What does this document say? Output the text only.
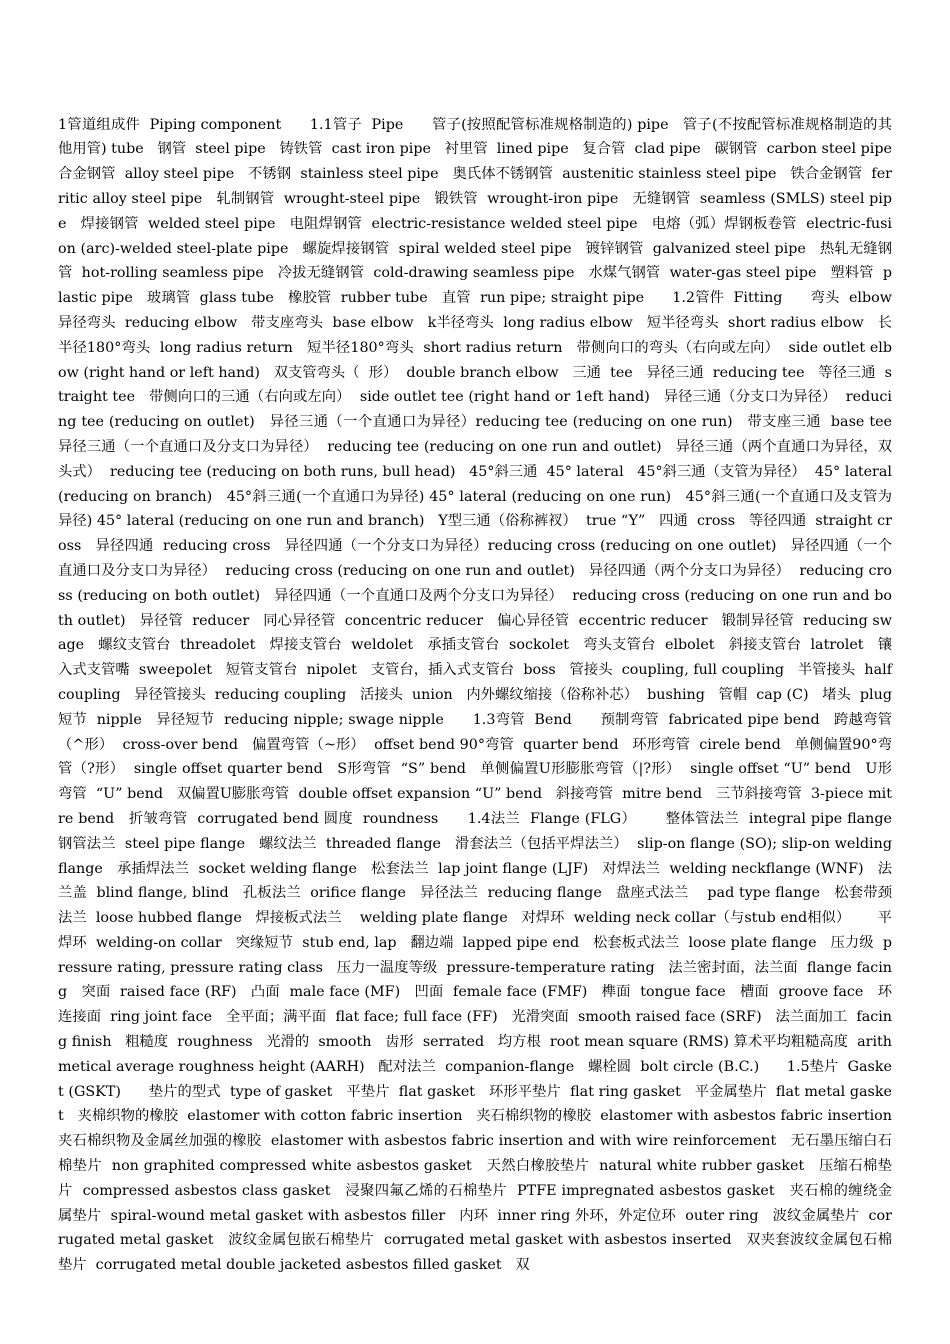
1管道组成件  Piping component      1.1管子  Pipe      管子(按照配管标准规格制造的) pipe   管子(不按配管标准规格制造的其他用管) tube   钢管  steel pipe   铸铁管  cast iron pipe   衬里管  lined pipe   复合管  clad pipe   碳钢管  carbon steel pipe   合金钢管  alloy steel pipe   不锈钢  stainless steel pipe   奥氏体不锈钢管  austenitic stainless steel pipe   铁合金钢管  ferritic alloy steel pipe   轧制钢管  wrought-steel pipe   锻铁管  wrought-iron pipe   无缝钢管  seamless (SMLS) steel pipe   焊接钢管  welded steel pipe   电阻焊钢管  electric-resistance welded steel pipe   电熔（弧）焊钢板卷管  electric-fusion (arc)-welded steel-plate pipe   螺旋焊接钢管  spiral welded steel pipe   镀锌钢管  galvanized steel pipe   热轧无缝钢管  hot-rolling seamless pipe   冷拔无缝钢管  cold-drawing seamless pipe   水煤气钢管  water-gas steel pipe   塑料管  plastic pipe   玻璃管  glass tube   橡胶管  rubber tube   直管  run pipe; straight pipe      1.2管件  Fitting      弯头  elbow   异径弯头  reducing elbow   带支座弯头  base elbow   k半径弯头  long radius elbow   短半径弯头  short radius elbow   长半径180°弯头  long radius return   短半径180°弯头  short radius return   带侧向口的弯头（右向或左向）  side outlet elbow (right hand or left hand)   双支管弯头（  形）  double branch elbow   三通  tee   异径三通  reducing tee   等径三通  straight tee   带侧向口的三通（右向或左向）  side outlet tee (right hand or 1eft hand)   异径三通（分支口为异径）  reducing tee (reducing on outlet)   异径三通（一个直通口为异径）reducing tee (reducing on one run)   带支座三通  base tee   异径三通（一个直通口及分支口为异径）  reducing tee (reducing on one run and outlet)   异径三通（两个直通口为异径，双头式）  reducing tee (reducing on both runs, bull head)   45°斜三通  45° lateral   45°斜三通（支管为异径）  45° lateral (reducing on branch)   45°斜三通(一个直通口为异径) 45° lateral (reducing on one run)   45°斜三通(一个直通口及支管为异径) 45° lateral (reducing on one run and branch)   Y型三通（俗称裤衩）  true “Y”   四通  cross   等径四通  straight cross   异径四通  reducing cross   异径四通（一个分支口为异径）reducing cross (reducing on one outlet)   异径四通（一个直通口及分支口为异径）  reducing cross (reducing on one run and outlet)   异径四通（两个分支口为异径）  reducing cross (reducing on both outlet)   异径四通（一个直通口及两个分支口为异径）  reducing cross (reducing on one run and both outlet)   异径管  reducer   同心异径管  concentric reducer   偏心异径管  eccentric reducer   锻制异径管  reducing swage   螺纹支管台  threadolet   焊接支管台  weldolet   承插支管台  sockolet   弯头支管台  elbolet   斜接支管台  latrolet   镶入式支管嘴  sweepolet   短管支管台  nipolet   支管台，插入式支管台  boss   管接头  coupling, full coupling   半管接头  half coupling   异径管接头  reducing coupling   活接头  union   内外螺纹缩接（俗称补芯）  bushing   管帽  cap (C)   堵头  plug   短节  nipple   异径短节  reducing nipple; swage nipple      1.3弯管  Bend      预制弯管  fabricated pipe bend   跨越弯管（^形）  cross-over bend   偏置弯管（~形）  offset bend 90°弯管  quarter bend   环形弯管  cirele bend   单侧偏置90°弯管（?形）  single offset quarter bend   S形弯管  “S” bend   单侧偏置U形膨胀弯管（|?形）  single offset “U” bend   U形弯管  “U” bend   双偏置U膨胀弯管  double offset expansion “U” bend   斜接弯管  mitre bend   三节斜接弯管  3-piece mitre bend   折皱弯管  corrugated bend 圆度  roundness      1.4法兰  Flange (FLG）      整体管法兰  integral pipe flange   钢管法兰  steel pipe flange   螺纹法兰  threaded flange   滑套法兰（包括平焊法兰）  slip-on flange (SO); slip-on welding flange   承插焊法兰  socket welding flange   松套法兰  lap joint flange (LJF)   对焊法兰  welding neckflange (WNF)   法兰盖  blind flange, blind   孔板法兰  orifice flange   异径法兰  reducing flange   盘座式法兰    pad type flange   松套带颈法兰  loose hubbed flange   焊接板式法兰    welding plate flange   对焊环  welding neck collar（与stub end相似）      平焊环  welding-on collar   突缘短节  stub end, lap   翻边端  lapped pipe end   松套板式法兰  loose plate flange   压力级  pressure rating, pressure rating class   压力一温度等级  pressure-temperature rating   法兰密封面，法兰面  flange facing   突面  raised face (RF)   凸面  male face (MF)   凹面  female face (FMF)   榫面  tongue face   槽面  groove face   环连接面  ring joint face   全平面；满平面  flat face; full face (FF)   光滑突面  smooth raised face (SRF)   法兰面加工  facing finish   粗糙度  roughness   光滑的  smooth   齿形  serrated   均方根  root mean square (RMS) 算术平均粗糙高度  arithmetical average roughness height (AARH)   配对法兰  companion-flange   螺栓圆  bolt circle (B.C.)      1.5垫片  Gasket (GSKT)      垫片的型式  type of gasket   平垫片  flat gasket   环形平垫片  flat ring gasket   平金属垫片  flat metal gasket   夹棉织物的橡胶  elastomer with cotton fabric insertion   夹石棉织物的橡胶  elastomer with asbestos fabric insertion   夹石棉织物及金属丝加强的橡胶  elastomer with asbestos fabric insertion and with wire reinforcement   无石墨压缩白石棉垫片  non graphited compressed white asbestos gasket   天然白橡胶垫片  natural white rubber gasket   压缩石棉垫片  compressed asbestos class gasket   浸聚四氟乙烯的石棉垫片  PTFE impregnated asbestos gasket   夹石棉的缠绕金属垫片  spiral-wound metal gasket with asbestos filler   内环  inner ring 外环，外定位环  outer ring   波纹金属垫片  corrugated metal gasket   波纹金属包嵌石棉垫片  corrugated metal gasket with asbestos inserted   双夹套波纹金属包石棉垫片  corrugated metal double jacketed asbestos filled gasket   双
